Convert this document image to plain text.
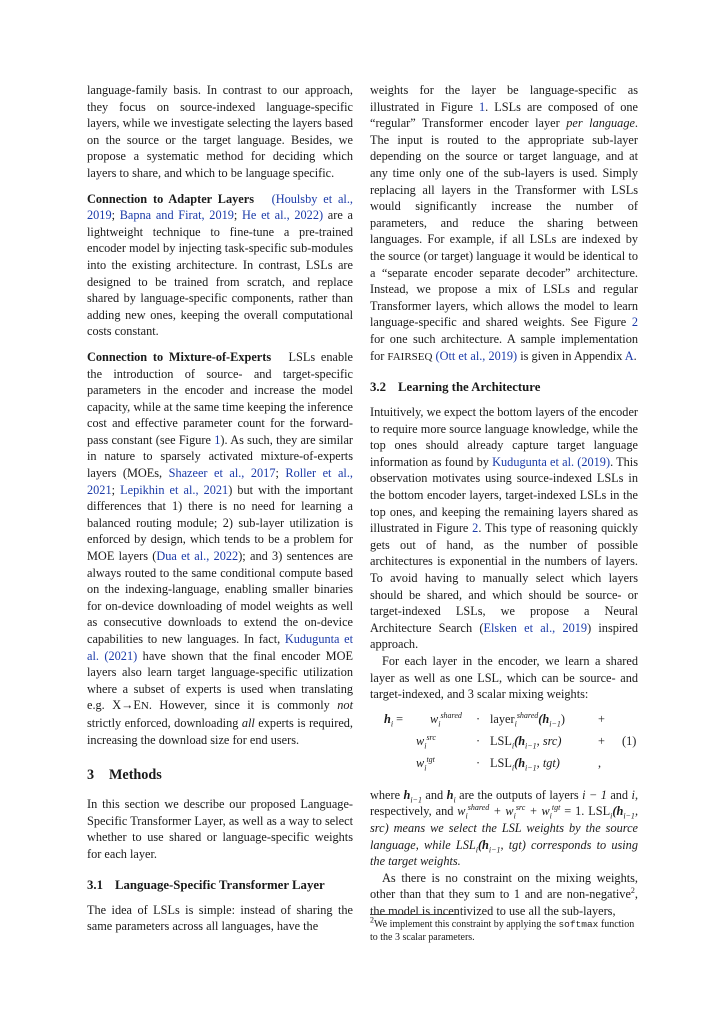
language-family basis. In contrast to our approach, they focus on source-indexed language-specific layers, while we investigate selecting the layers based on the source or the target language. Besides, we propose a systematic method for deciding which layers to share, and which to be language specific.

Connection to Adapter Layers (Houlsby et al., 2019; Bapna and Firat, 2019; He et al., 2022) are a lightweight technique to fine-tune a pre-trained encoder model by injecting task-specific sub-modules into the existing architecture. In contrast, LSLs are designed to be trained from scratch, and replace shared by language-specific components, rather than adding new ones, keeping the overall computational costs constant.

Connection to Mixture-of-Experts LSLs enable the introduction of source- and target-specific parameters in the encoder and increase the model capacity, while at the same time keeping the inference cost and effective parameter count for the forward-pass constant (see Figure 1). As such, they are similar in nature to sparsely activated mixture-of-experts layers (MOEs, Shazeer et al., 2017; Roller et al., 2021; Lepikhin et al., 2021) but with the important differences that 1) there is no need for learning a balanced routing module; 2) sub-layer utilization is enforced by design, which tends to be a problem for MOE layers (Dua et al., 2022); and 3) sentences are always routed to the same conditional compute based on the indexing-language, enabling smaller binaries for on-device downloading of model weights as well as consecutive downloads to extend the on-device capabilities to new languages. In fact, Kudugunta et al. (2021) have shown that the final encoder MOE layers also learn target language-specific utilization where a subset of experts is used when translating e.g. X→EN. However, since it is commonly not strictly enforced, downloading all experts is required, increasing the download size for end users.

3 Methods

In this section we describe our proposed Language-Specific Transformer Layer, as well as a way to select whether to use shared or language-specific weights for each layer.

3.1 Language-Specific Transformer Layer

The idea of LSLs is simple: instead of sharing the same parameters across all languages, have the

weights for the layer be language-specific as illustrated in Figure 1. LSLs are composed of one “regular” Transformer encoder layer per language. The input is routed to the appropriate sub-layer depending on the source or target language, and at any time only one of the sub-layers is used. Simply replacing all layers in the Transformer with LSLs would significantly increase the number of parameters, and reduce the sharing between languages. For example, if all LSLs are indexed by the source (or target) language it would be identical to a “separate encoder separate decoder” architecture. Instead, we propose a mix of LSLs and regular Transformer layers, which allows the model to learn language-specific and shared weights. See Figure 2 for one such architecture. A sample implementation for FAIRSEQ (Ott et al., 2019) is given in Appendix A.

3.2 Learning the Architecture

Intuitively, we expect the bottom layers of the encoder to require more source language knowledge, while the top ones should already capture target language information as found by Kudugunta et al. (2019). This observation motivates using source-indexed LSLs in the bottom encoder layers, target-indexed LSLs in the top ones, and keeping the remaining layers shared as illustrated in Figure 2. This type of reasoning quickly gets out of hand, as the number of possible architectures is exponential in the numbers of layers. To avoid having to manually select which layers should be shared, and which should be source- or target-indexed LSLs, we propose a Neural Architecture Search (Elsken et al., 2019) inspired approach.

For each layer in the encoder, we learn a shared layer as well as one LSL, which can be source- and target-indexed, and 3 scalar mixing weights:

$h_i = w_i^{shared}$ · $layer_i^{shared}(h_{i-1})$	+
$w_i^{src}$	· $LSL_i(h_{i-1}$, src)	+ (1)
$w_i^{tgt}$	· $LSL_i(h_{i-1}$, tgt)	,

where $h_{i-1}$ and $h_i$ are the outputs of layers i − 1 and i, respectively, and $w_i^{shared} + w_i^{src} + w_i^{tgt} = 1$. $LSL_i(h_{i-1}$, src) means we select the LSL weights by the source language, while $LSL_i(h_{i-1}$, tgt) corresponds to using the target weights.

As there is no constraint on the mixing weights, other than that they sum to 1 and are non-negative$^2$, the model is incentivized to use all the sub-layers,

$^2$We implement this constraint by applying the softmax function to the 3 scalar parameters.
